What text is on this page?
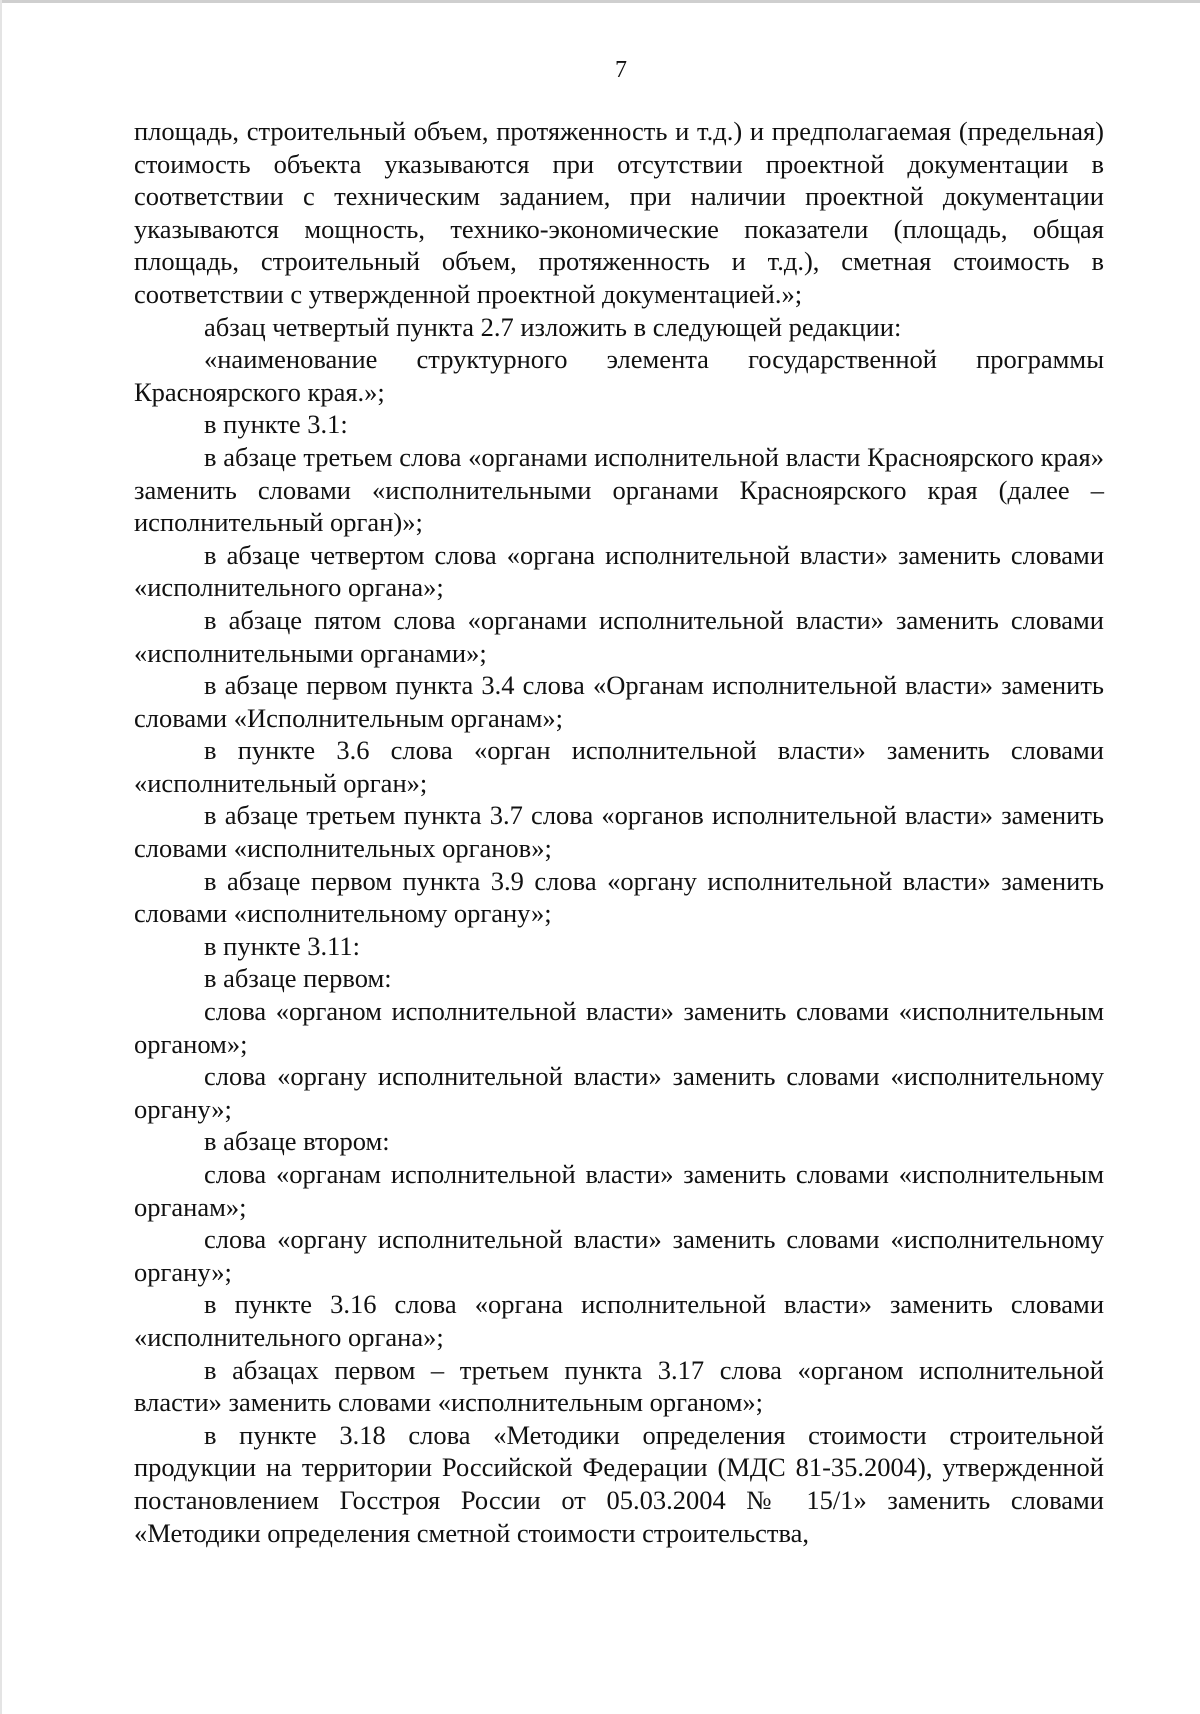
7

площадь, строительный объем, протяженность и т.д.) и предполагаемая (предельная) стоимость объекта указываются при отсутствии проектной документации в соответствии с техническим заданием, при наличии проектной документации указываются мощность, технико-экономические показатели (площадь, общая площадь, строительный объем, протяженность и т.д.), сметная стоимость в соответствии с утвержденной проектной документацией.»;

абзац четвертый пункта 2.7 изложить в следующей редакции:

«наименование структурного элемента государственной программы Красноярского края.»;

в пункте 3.1:

в абзаце третьем слова «органами исполнительной власти Красноярского края» заменить словами «исполнительными органами Красноярского края (далее – исполнительный орган)»;

в абзаце четвертом слова «органа исполнительной власти» заменить словами «исполнительного органа»;

в абзаце пятом слова «органами исполнительной власти» заменить словами «исполнительными органами»;

в абзаце первом пункта 3.4 слова «Органам исполнительной власти» заменить словами «Исполнительным органам»;

в пункте 3.6 слова «орган исполнительной власти» заменить словами «исполнительный орган»;

в абзаце третьем пункта 3.7 слова «органов исполнительной власти» заменить словами «исполнительных органов»;

в абзаце первом пункта 3.9 слова «органу исполнительной власти» заменить словами «исполнительному органу»;

в пункте 3.11:

в абзаце первом:

слова «органом исполнительной власти» заменить словами «исполнительным органом»;

слова «органу исполнительной власти» заменить словами «исполнительному органу»;

в абзаце втором:

слова «органам исполнительной власти» заменить словами «исполнительным органам»;

слова «органу исполнительной власти» заменить словами «исполнительному органу»;

в пункте 3.16 слова «органа исполнительной власти» заменить словами «исполнительного органа»;

в абзацах первом – третьем пункта 3.17 слова «органом исполнительной власти» заменить словами «исполнительным органом»;

в пункте 3.18 слова «Методики определения стоимости строительной продукции на территории Российской Федерации (МДС 81-35.2004), утвержденной постановлением Госстроя России от 05.03.2004 № 15/1» заменить словами «Методики определения сметной стоимости строительства,
